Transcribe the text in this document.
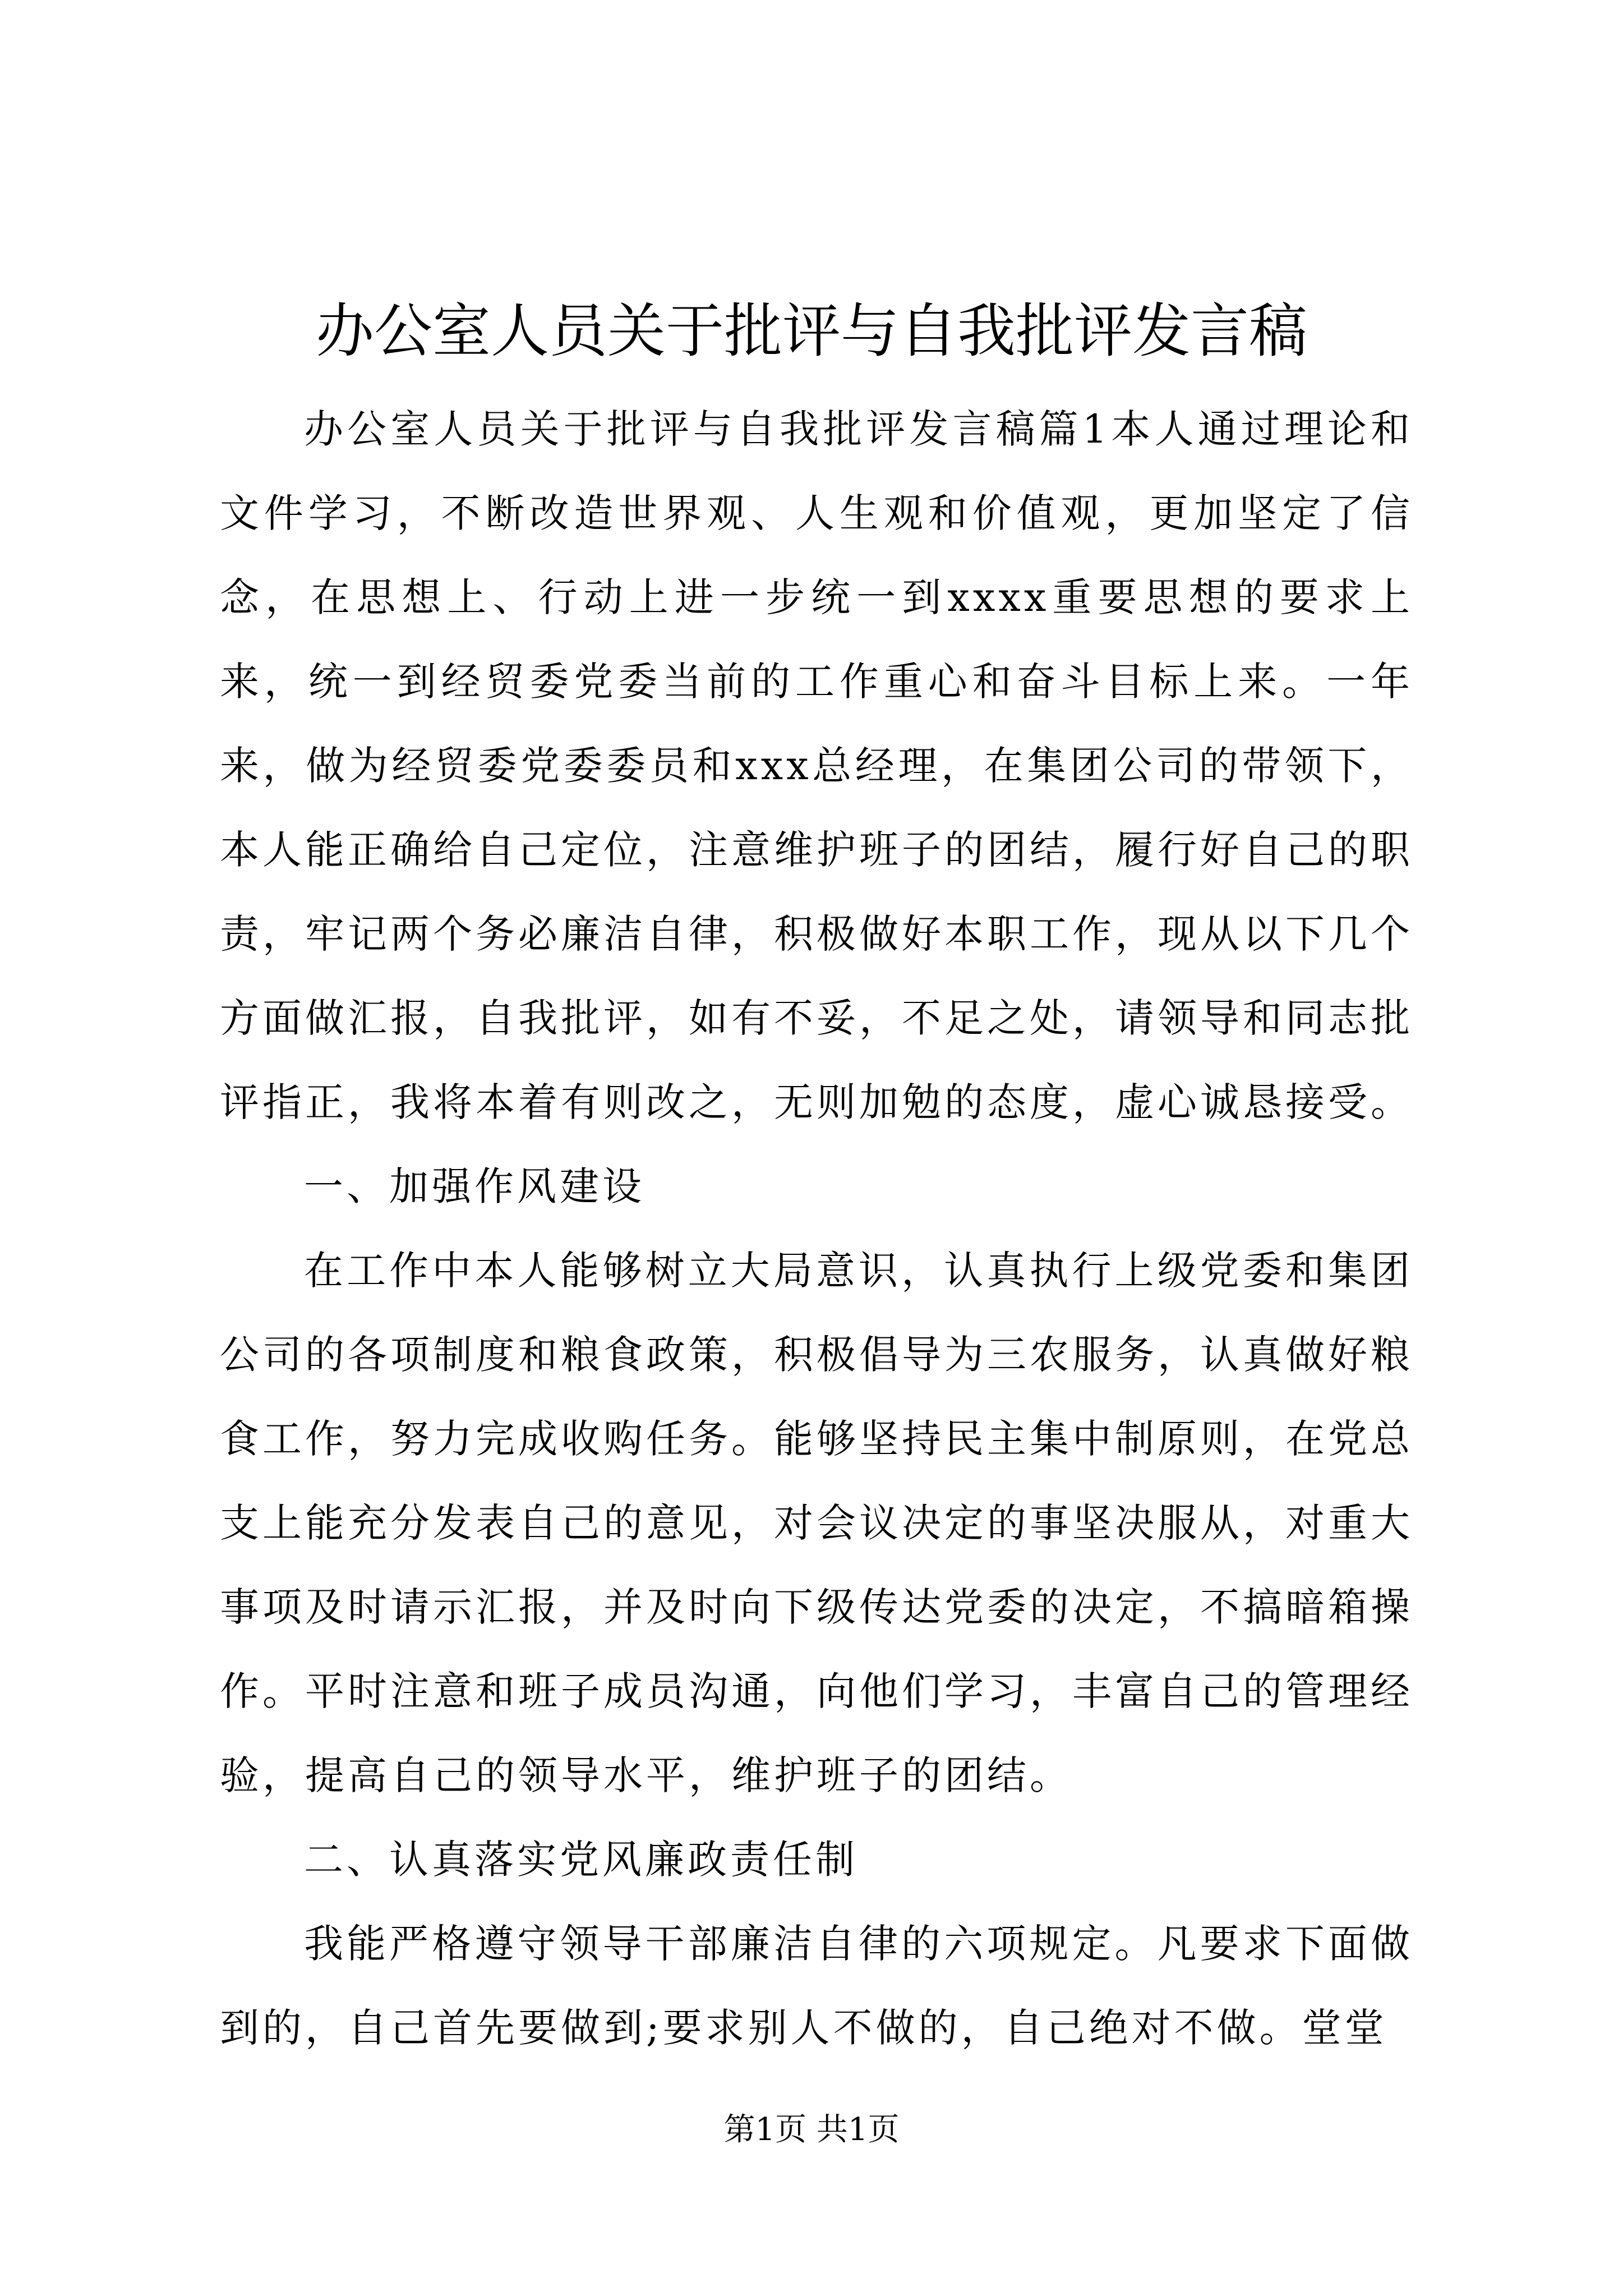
办公室人员关于批评与自我批评发言稿

办公室人员关于批评与自我批评发言稿篇1本人通过理论和文件学习，不断改造世界观、人生观和价值观，更加坚定了信念，在思想上、行动上进一步统一到xxxx重要思想的要求上来，统一到经贸委党委当前的工作重心和奋斗目标上来。一年来，做为经贸委党委委员和xxx总经理，在集团公司的带领下，本人能正确给自己定位，注意维护班子的团结，履行好自己的职责，牢记两个务必廉洁自律，积极做好本职工作，现从以下几个方面做汇报，自我批评，如有不妥，不足之处，请领导和同志批评指正，我将本着有则改之，无则加勉的态度，虚心诚恳接受。

一、加强作风建设

在工作中本人能够树立大局意识，认真执行上级党委和集团公司的各项制度和粮食政策，积极倡导为三农服务，认真做好粮食工作，努力完成收购任务。能够坚持民主集中制原则，在党总支上能充分发表自己的意见，对会议决定的事坚决服从，对重大事项及时请示汇报，并及时向下级传达党委的决定，不搞暗箱操作。平时注意和班子成员沟通，向他们学习，丰富自己的管理经验，提高自己的领导水平，维护班子的团结。

二、认真落实党风廉政责任制

我能严格遵守领导干部廉洁自律的六项规定。凡要求下面做到的，自己首先要做到;要求别人不做的，自己绝对不做。堂堂

第1页 共1页
